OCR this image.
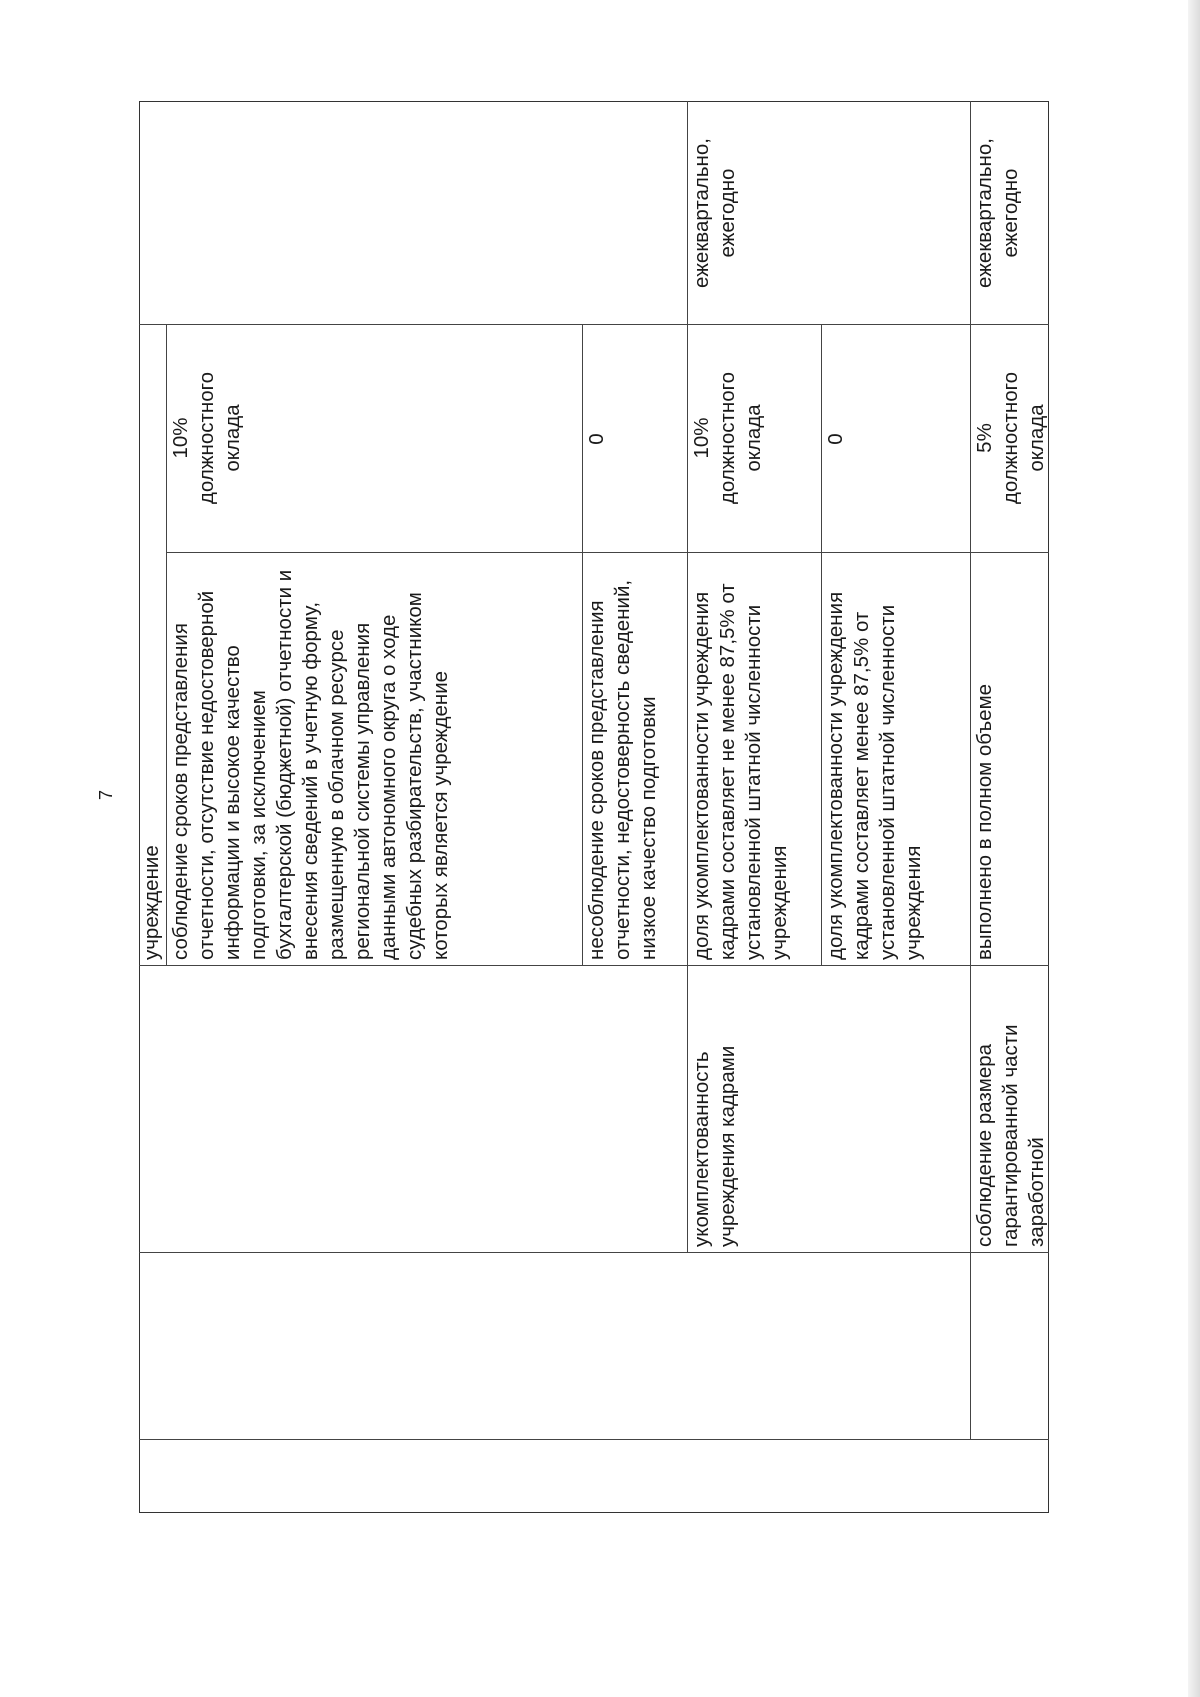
7
учреждение соблюдение сроков представления отчетности, отсутствие недостоверной информации и высокое качество подготовки, за исключением бухгалтерской (бюджетной) отчетности и внесения сведений в учетную форму, размещенную в облачном ресурсе региональной системы управления данными автономного округа о ходе судебных разбирательств, участником которых является учреждение
10% должностного оклада
несоблюдение сроков представления отчетности, недостоверность сведений, низкое качество подготовки
0
укомплектованность учреждения кадрами
доля укомплектованности учреждения кадрами составляет не менее 87,5% от установленной штатной численности учреждения
10% должностного оклада
доля укомплектованности учреждения кадрами составляет менее 87,5% от установленной штатной численности учреждения
0
ежеквартально, ежегодно
соблюдение размера гарантированной части заработной
выполнено в полном объеме
5% должностного оклада
ежеквартально, ежегодно
